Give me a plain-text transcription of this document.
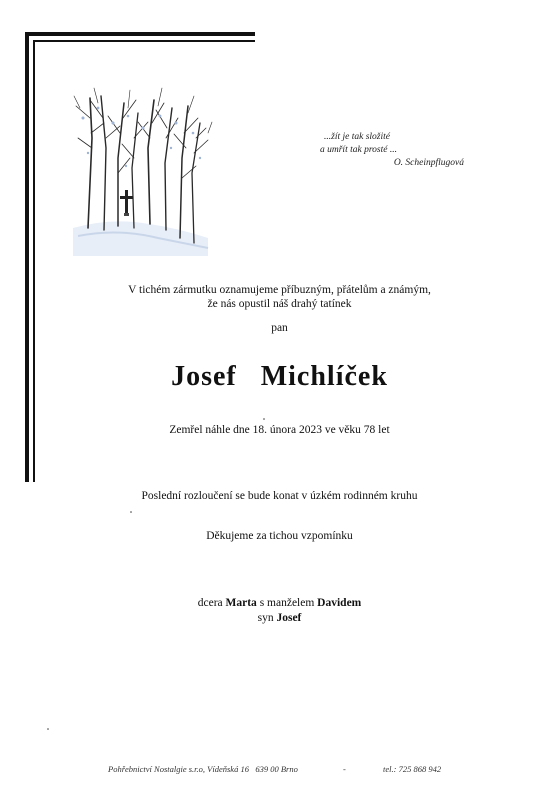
...žít je tak složité
a umřít tak prosté ...
O. Scheinpflugová
V tichém zármutku oznamujeme příbuzným, přátelům a známým,
že nás opustil náš drahý tatínek
pan
Josef  Michlíček
Zemřel náhle dne 18. února 2023 ve věku 78 let
Poslední rozloučení se bude konat v úzkém rodinném kruhu
Děkujeme za tichou vzpomínku
dcera Marta s manželem Davidem
syn Josef
Pohřebnictví Nostalgie s.r.o, Vídeňská 16   639 00 Brno	-	tel.: 725 868 942
